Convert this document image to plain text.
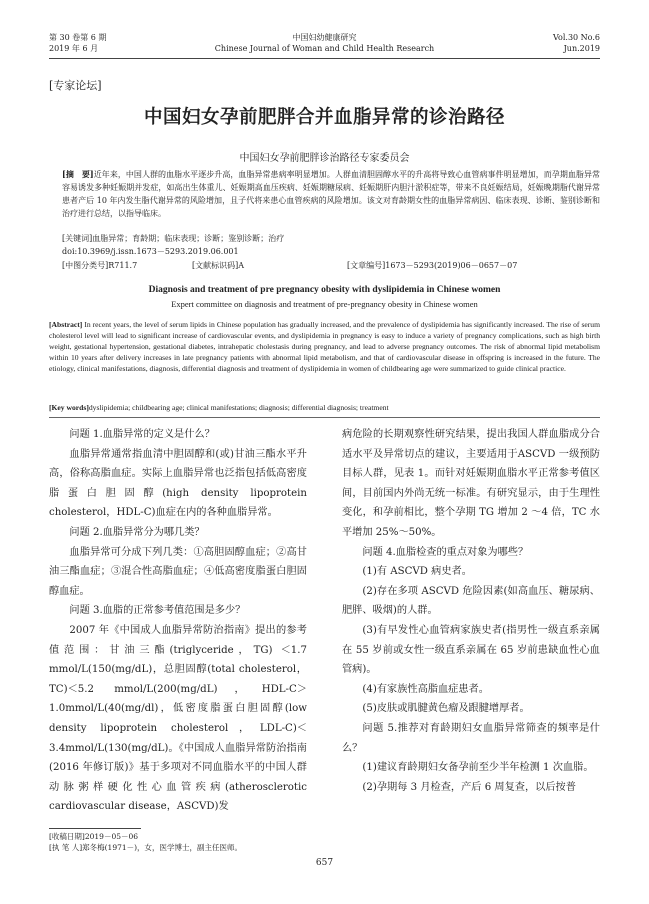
第 30 卷第 6 期
2019 年 6 月
中国妇幼健康研究
Chinese Journal of Woman and Child Health Research
Vol.30 No.6
Jun.2019
[专家论坛]
中国妇女孕前肥胖合并血脂异常的诊治路径
中国妇女孕前肥胖诊治路径专家委员会
[摘　要]近年来，中国人群的血脂水平逐步升高，血脂异常患病率明显增加。人群血清胆固醇水平的升高将导致心血管病事件明显增加，而孕期血脂异常容易诱发多种妊娠期并发症，如高出生体重儿、妊娠期高血压疾病、妊娠期糖尿病、妊娠期肝内胆汁淤积症等，带来不良妊娠结局，妊娠晚期脂代谢异常患者产后 10 年内发生脂代谢异常的风险增加，且子代将来患心血管疾病的风险增加。该文对育龄期女性的血脂异常病因、临床表现、诊断、鉴别诊断和治疗进行总结，以指导临床。
[关键词]血脂异常；育龄期；临床表现；诊断；鉴别诊断；治疗
doi:10.3969/j.issn.1673－5293.2019.06.001
[中图分类号]R711.7	[文献标识码]A	[文章编号]1673－5293(2019)06－0657－07
Diagnosis and treatment of pre pregnancy obesity with dyslipidemia in Chinese women
Expert committee on diagnosis and treatment of pre-pregnancy obesity in Chinese women
[Abstract] In recent years, the level of serum lipids in Chinese population has gradually increased, and the prevalence of dyslipidemia has significantly increased. The rise of serum cholesterol level will lead to significant increase of cardiovascular events, and dyslipidemia in pregnancy is easy to induce a variety of pregnancy complications, such as high birth weight, gestational hypertension, gestational diabetes, intrahepatic cholestasis during pregnancy, and lead to adverse pregnancy outcomes. The risk of abnormal lipid metabolism within 10 years after delivery increases in late pregnancy patients with abnormal lipid metabolism, and that of cardiovascular disease in offspring is increased in the future. The etiology, clinical manifestations, diagnosis, differential diagnosis and treatment of dyslipidemia in women of childbearing age were summarized to guide clinical practice.
[Key words]dyslipidemia; childbearing age; clinical manifestations; diagnosis; differential diagnosis; treatment

问题 1.血脂异常的定义是什么？

血脂异常通常指血清中胆固醇和(或)甘油三酯水平升高，俗称高脂血症。实际上血脂异常也泛指包括低高密度脂蛋白胆固醇(high density lipoprotein cholesterol，HDL-C)血症在内的各种血脂异常。

问题 2.血脂异常分为哪几类？

血脂异常可分成下列几类：①高胆固醇血症；②高甘油三酯血症；③混合性高脂血症；④低高密度脂蛋白胆固醇血症。

问题 3.血脂的正常参考值范围是多少？

2007 年《中国成人血脂异常防治指南》提出的参考值范围：甘油三酯(triglyceride，TG) ＜1.7 mmol/L(150(mg/dL)，总胆固醇(total cholesterol，TC)＜5.2 mmol/L(200(mg/dL)，HDL-C＞1.0mmol/L(40(mg/dl)，低密度脂蛋白胆固醇(low density lipoprotein cholesterol，LDL-C)＜3.4mmol/L(130(mg/dL)。《中国成人血脂异常防治指南(2016 年修订版)》基于多项对不同血脂水平的中国人群动脉粥样硬化性心血管疾病(atherosclerotic cardiovascular disease，ASCVD)发

病危险的长期观察性研究结果，提出我国人群血脂成分合适水平及异常切点的建议，主要适用于ASCVD 一级预防目标人群，见表 1。而针对妊娠期血脂水平正常参考值区间，目前国内外尚无统一标准。有研究显示，由于生理性变化，和孕前相比，整个孕期 TG 增加 2 ～4 倍，TC 水平增加 25%～50%。

问题 4.血脂检查的重点对象为哪些？

(1)有 ASCVD 病史者。

(2)存在多项 ASCVD 危险因素(如高血压、糖尿病、肥胖、吸烟)的人群。

(3)有早发性心血管病家族史者(指男性一级直系亲属在 55 岁前或女性一级直系亲属在 65 岁前患缺血性心血管病)。

(4)有家族性高脂血症患者。

(5)皮肤或肌腱黄色瘤及跟腱增厚者。

问题 5.推荐对育龄期妇女血脂异常筛查的频率是什么？

(1)建议育龄期妇女备孕前至少半年检测 1 次血脂。

(2)孕期每 3 月检查，产后 6 周复查，以后按普

[收稿日期]2019－05－06
[执 笔 人]郑冬梅(1971－)，女，医学博士，副主任医师。
657
